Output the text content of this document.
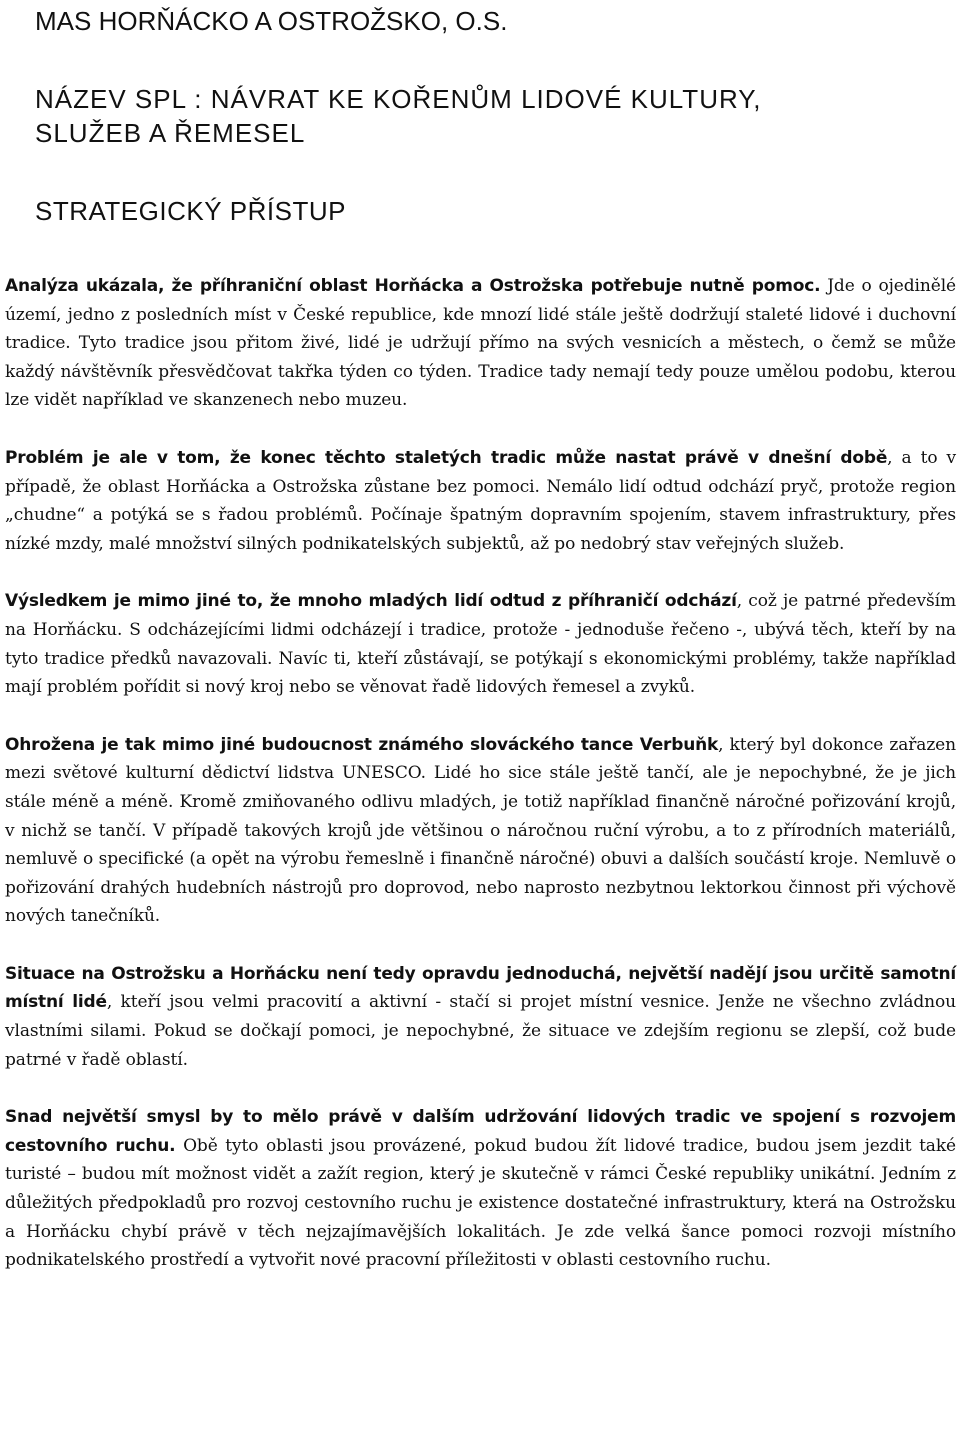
MAS HORŇÁCKO A OSTROŽSKO, O.S.
NÁZEV SPL : NÁVRAT KE KOŘENŮM LIDOVÉ KULTURY,
SLUŽEB A ŘEMESEL
STRATEGICKÝ PŘÍSTUP

Analýza ukázala, že příhraniční oblast Horňácka a Ostrožska potřebuje nutně pomoc. Jde o ojedinělé území, jedno z posledních míst v České republice, kde mnozí lidé stále ještě dodržují staleté lidové i duchovní tradice. Tyto tradice jsou přitom živé, lidé je udržují přímo na svých vesnicích a městech, o čemž se může každý návštěvník přesvědčovat takřka týden co týden. Tradice tady nemají tedy pouze umělou podobu, kterou lze vidět například ve skanzenech nebo muzeu.

Problém je ale v tom, že konec těchto staletých tradic může nastat právě v dnešní době, a to v případě, že oblast Horňácka a Ostrožska zůstane bez pomoci. Nemálo lidí odtud odchází pryč, protože region „chudne“ a potýká se s řadou problémů. Počínaje špatným dopravním spojením, stavem infrastruktury, přes nízké mzdy, malé množství silných podnikatelských subjektů, až po nedobrý stav veřejných služeb.

Výsledkem je mimo jiné to, že mnoho mladých lidí odtud z příhraničí odchází, což je patrné především na Horňácku. S odcházejícími lidmi odcházejí i tradice, protože - jednoduše řečeno -, ubývá těch, kteří by na tyto tradice předků navazovali. Navíc ti, kteří zůstávají, se potýkají s ekonomickými problémy, takže například mají problém pořídit si nový kroj nebo se věnovat řadě lidových řemesel a zvyků.

Ohrožena je tak mimo jiné budoucnost známého slováckého tance Verbuňk, který byl dokonce zařazen mezi světové kulturní dědictví lidstva UNESCO. Lidé ho sice stále ještě tančí, ale je nepochybné, že je jich stále méně a méně. Kromě zmiňovaného odlivu mladých, je totiž například finančně náročné pořizování krojů, v nichž se tančí. V případě takových krojů jde většinou o náročnou ruční výrobu, a to z přírodních materiálů, nemluvě o specifické (a opět na výrobu řemeslně i finančně náročné) obuvi a dalších součástí kroje. Nemluvě o pořizování drahých hudebních nástrojů pro doprovod, nebo naprosto nezbytnou lektorkou činnost při výchově nových tanečníků.

Situace na Ostrožsku a Horňácku není tedy opravdu jednoduchá, největší nadějí jsou určitě samotní místní lidé, kteří jsou velmi pracovití a aktivní - stačí si projet místní vesnice. Jenže ne všechno zvládnou vlastními silami. Pokud se dočkají pomoci, je nepochybné, že situace ve zdejším regionu se zlepší, což bude patrné v řadě oblastí.

Snad největší smysl by to mělo právě v dalším udržování lidových tradic ve spojení s rozvojem cestovního ruchu. Obě tyto oblasti jsou provázené, pokud budou žít lidové tradice, budou jsem jezdit také turisté – budou mít možnost vidět a zažít region, který je skutečně v rámci České republiky unikátní. Jedním z důležitých předpokladů pro rozvoj cestovního ruchu je existence dostatečné infrastruktury, která na Ostrožsku a Horňácku chybí právě v těch nejzajímavějších lokalitách. Je zde velká šance pomoci rozvoji místního podnikatelského prostředí a vytvořit nové pracovní příležitosti v oblasti cestovního ruchu.
